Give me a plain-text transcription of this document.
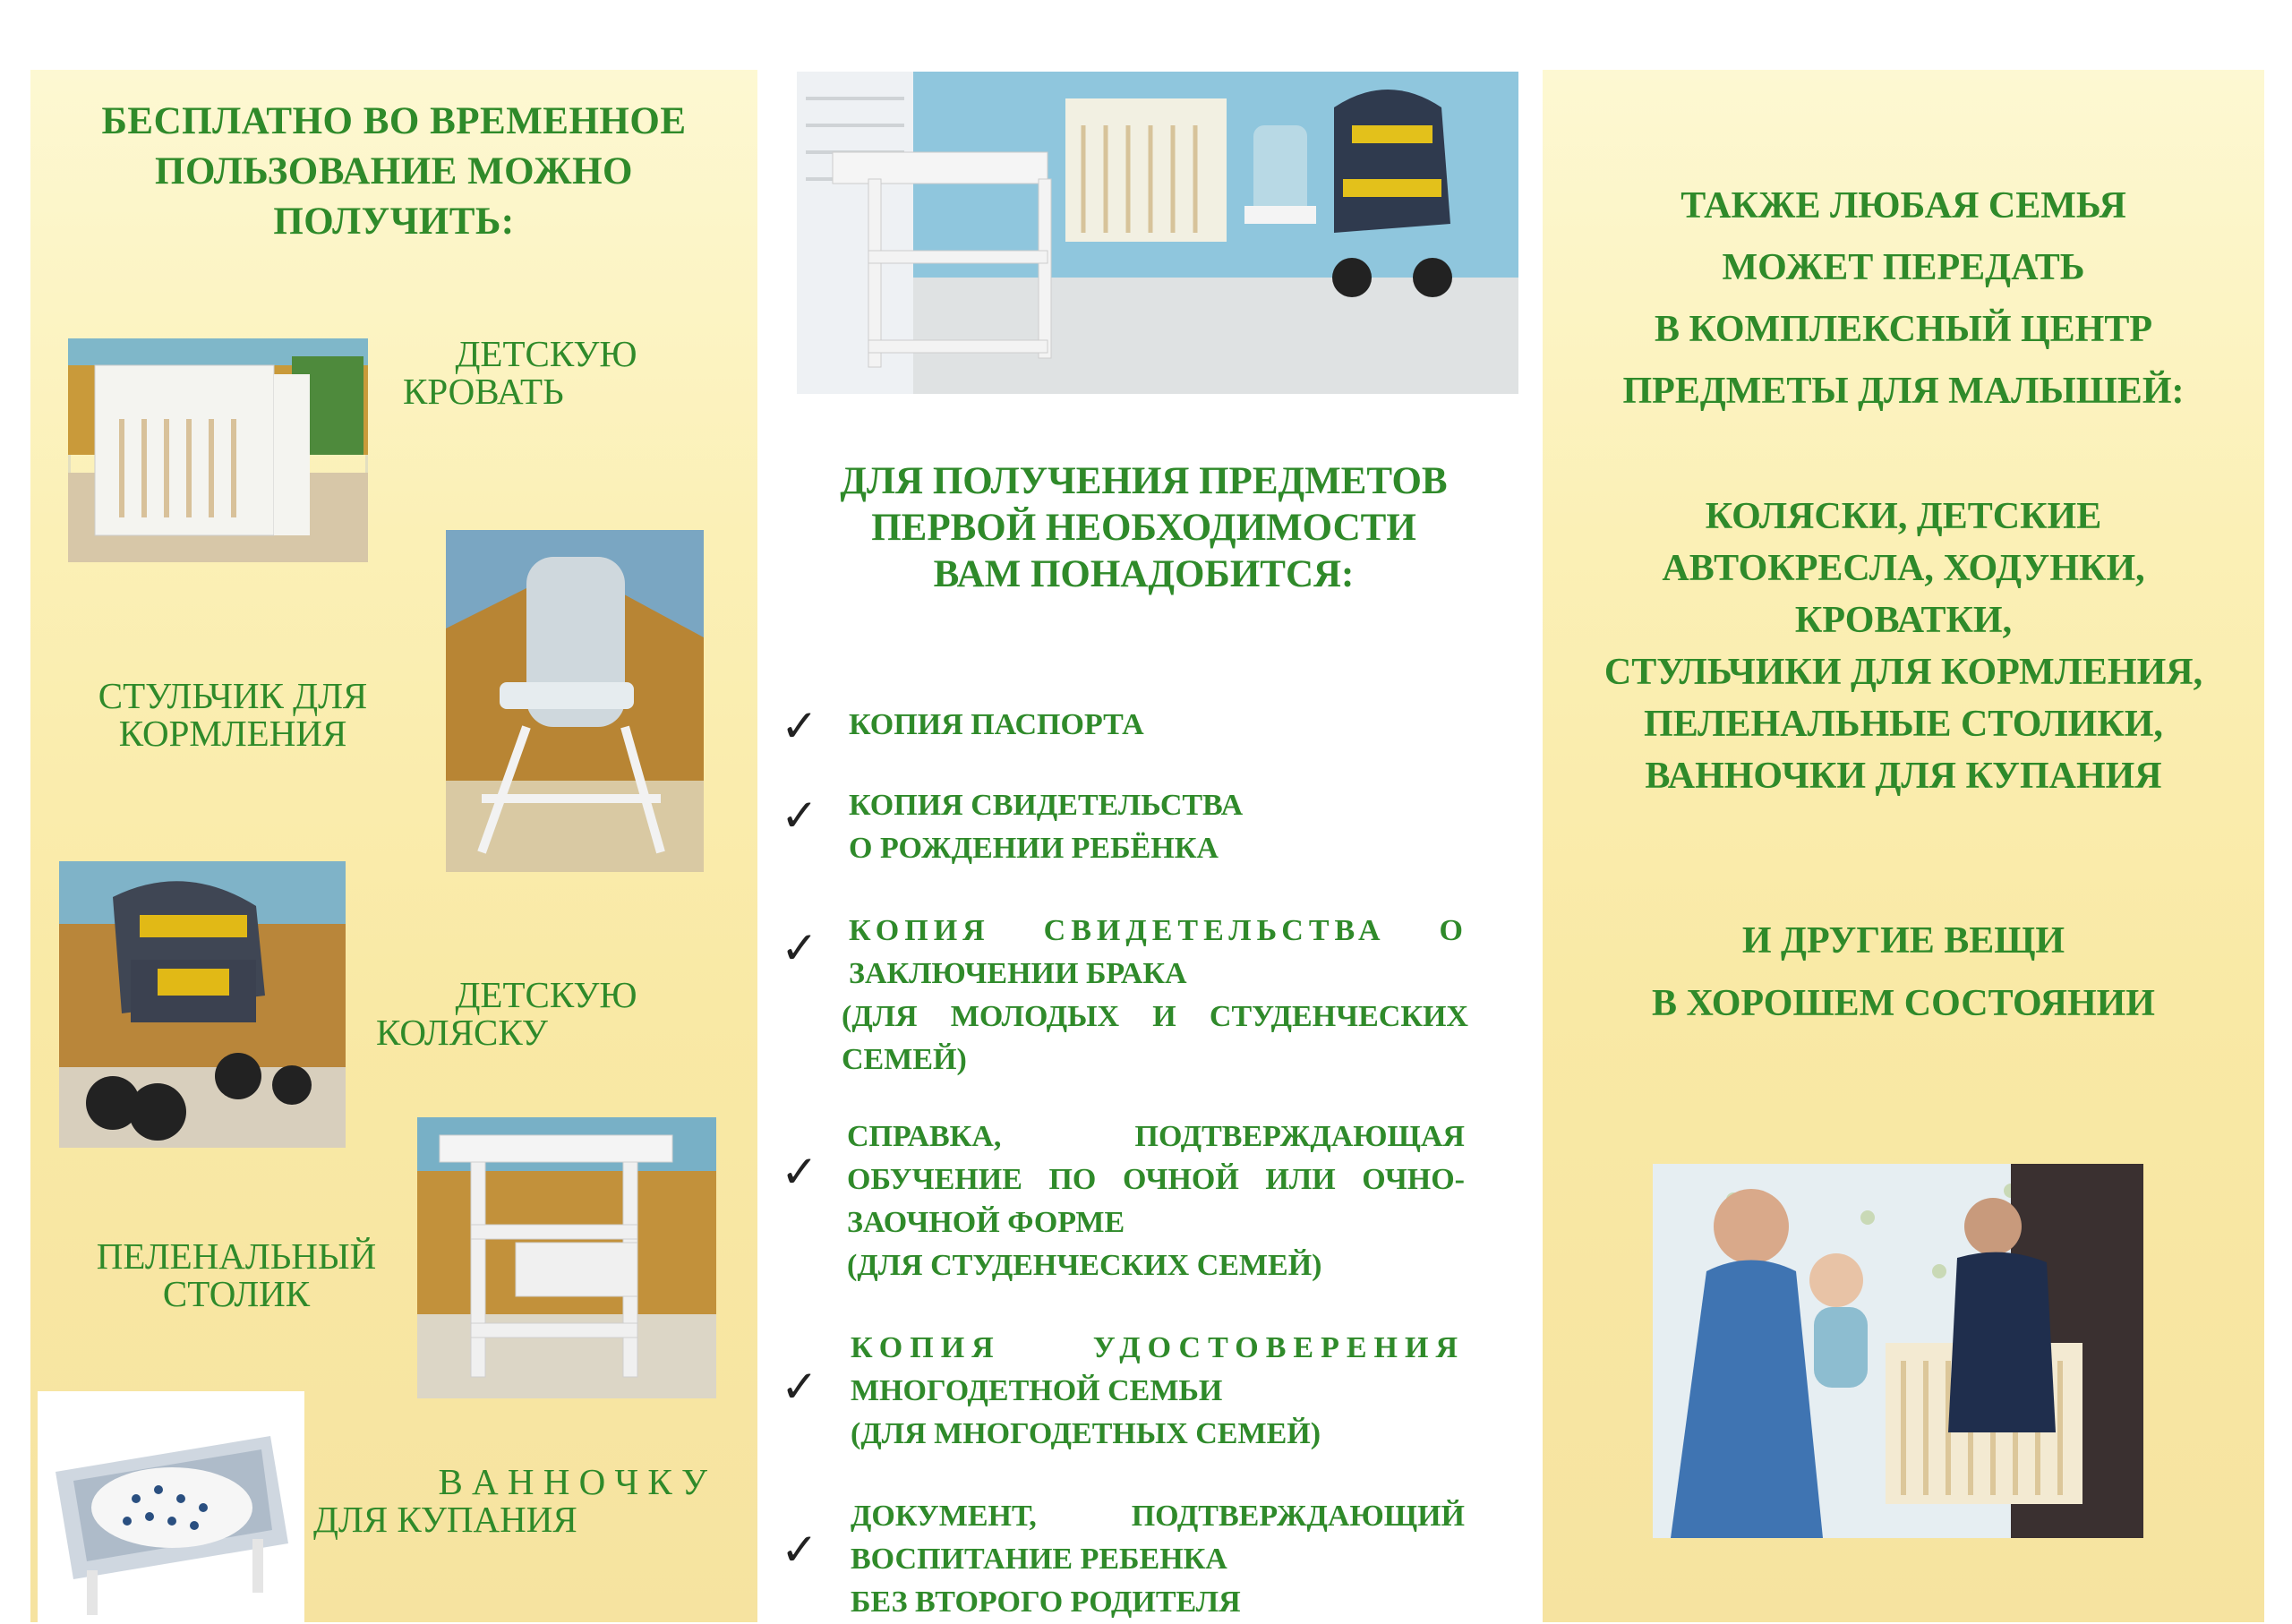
БЕСПЛАТНО ВО ВРЕМЕННОЕ
ПОЛЬЗОВАНИЕ МОЖНО
ПОЛУЧИТЬ:
ДЕТСКУЮ
КРОВАТЬ
СТУЛЬЧИК ДЛЯ
КОРМЛЕНИЯ
ДЕТСКУЮ
КОЛЯСКУ
ПЕЛЕНАЛЬНЫЙ
СТОЛИК
В А Н Н О Ч К У
ДЛЯ КУПАНИЯ
ДЛЯ ПОЛУЧЕНИЯ ПРЕДМЕТОВ
ПЕРВОЙ НЕОБХОДИМОСТИ
ВАМ ПОНАДОБИТСЯ:
✓ КОПИЯ ПАСПОРТА
✓ КОПИЯ СВИДЕТЕЛЬСТВА
О РОЖДЕНИИ РЕБЁНКА
✓ КОПИЯ СВИДЕТЕЛЬСТВА О
ЗАКЛЮЧЕНИИ БРАКА
(ДЛЯ МОЛОДЫХ И СТУДЕНЧЕСКИХ
СЕМЕЙ)
✓
СПРАВКА, ПОДТВЕРЖДАЮЩАЯ
ОБУЧЕНИЕ ПО ОЧНОЙ ИЛИ ОЧНО-
ЗАОЧНОЙ ФОРМЕ
(ДЛЯ СТУДЕНЧЕСКИХ СЕМЕЙ)
✓
КОПИЯ УДОСТОВЕРЕНИЯ
МНОГОДЕТНОЙ СЕМЬИ
(ДЛЯ МНОГОДЕТНЫХ СЕМЕЙ)
✓
ДОКУМЕНТ, ПОДТВЕРЖДАЮЩИЙ
ВОСПИТАНИЕ РЕБЕНКА
БЕЗ ВТОРОГО РОДИТЕЛЯ
ТАКЖЕ ЛЮБАЯ СЕМЬЯ
МОЖЕТ ПЕРЕДАТЬ
В КОМПЛЕКСНЫЙ ЦЕНТР
ПРЕДМЕТЫ ДЛЯ МАЛЫШЕЙ:
КОЛЯСКИ, ДЕТСКИЕ
АВТОКРЕСЛА, ХОДУНКИ,
КРОВАТКИ,
СТУЛЬЧИКИ ДЛЯ КОРМЛЕНИЯ,
ПЕЛЕНАЛЬНЫЕ СТОЛИКИ,
ВАННОЧКИ ДЛЯ КУПАНИЯ
И ДРУГИЕ ВЕЩИ
В ХОРОШЕМ СОСТОЯНИИ
